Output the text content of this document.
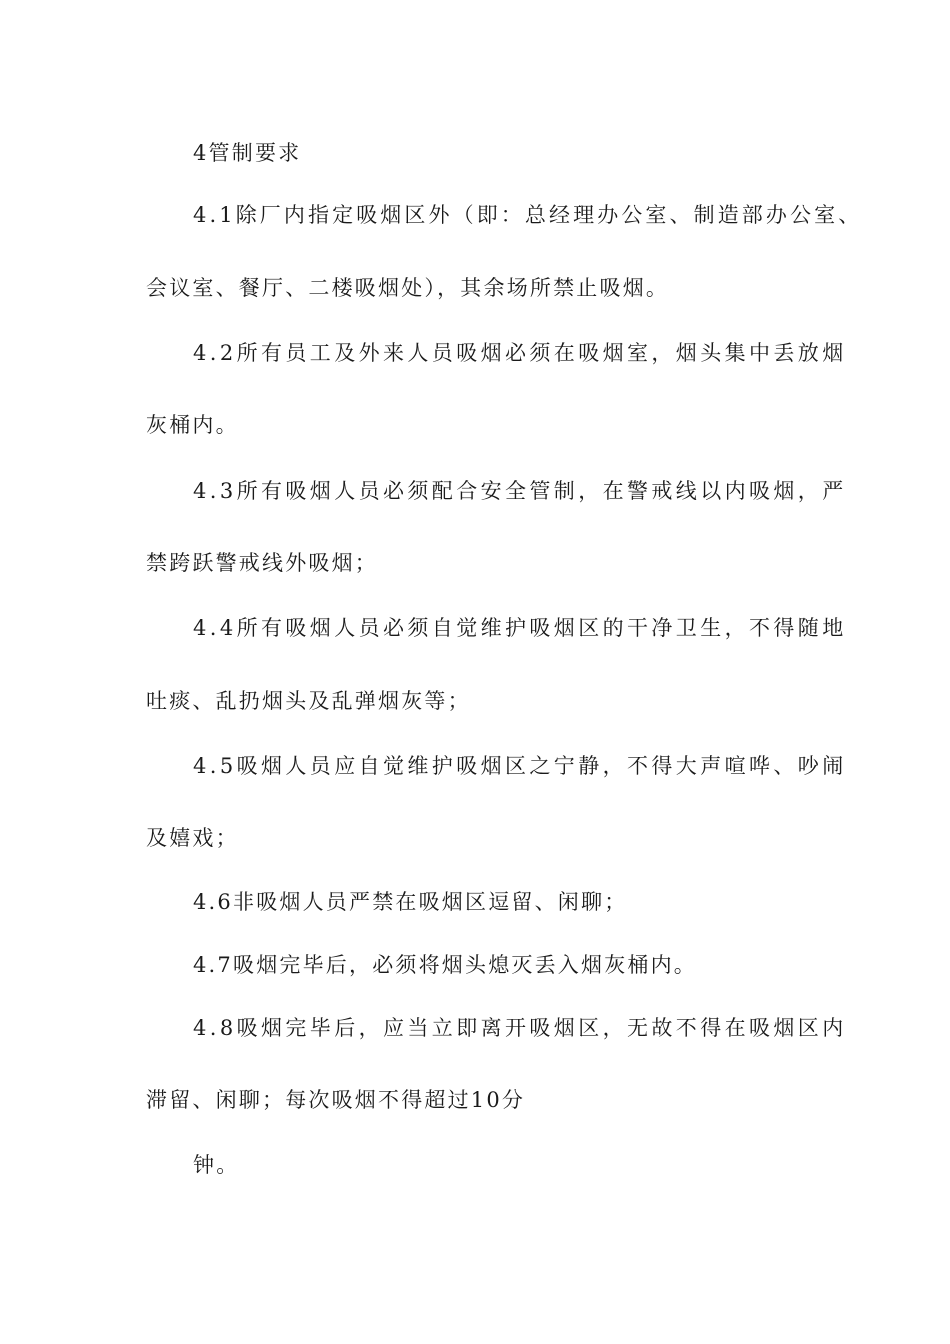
4管制要求
4.1除厂内指定吸烟区外（即：总经理办公室、制造部办公室、
会议室、餐厅、二楼吸烟处），其余场所禁止吸烟。
4.2所有员工及外来人员吸烟必须在吸烟室，烟头集中丢放烟
灰桶内。
4.3所有吸烟人员必须配合安全管制，在警戒线以内吸烟，严
禁跨跃警戒线外吸烟；
4.4所有吸烟人员必须自觉维护吸烟区的干净卫生，不得随地
吐痰、乱扔烟头及乱弹烟灰等；
4.5吸烟人员应自觉维护吸烟区之宁静，不得大声喧哗、吵闹
及嬉戏；
4.6非吸烟人员严禁在吸烟区逗留、闲聊；
4.7吸烟完毕后，必须将烟头熄灭丢入烟灰桶内。
4.8吸烟完毕后，应当立即离开吸烟区，无故不得在吸烟区内
滞留、闲聊；每次吸烟不得超过10分
钟。
